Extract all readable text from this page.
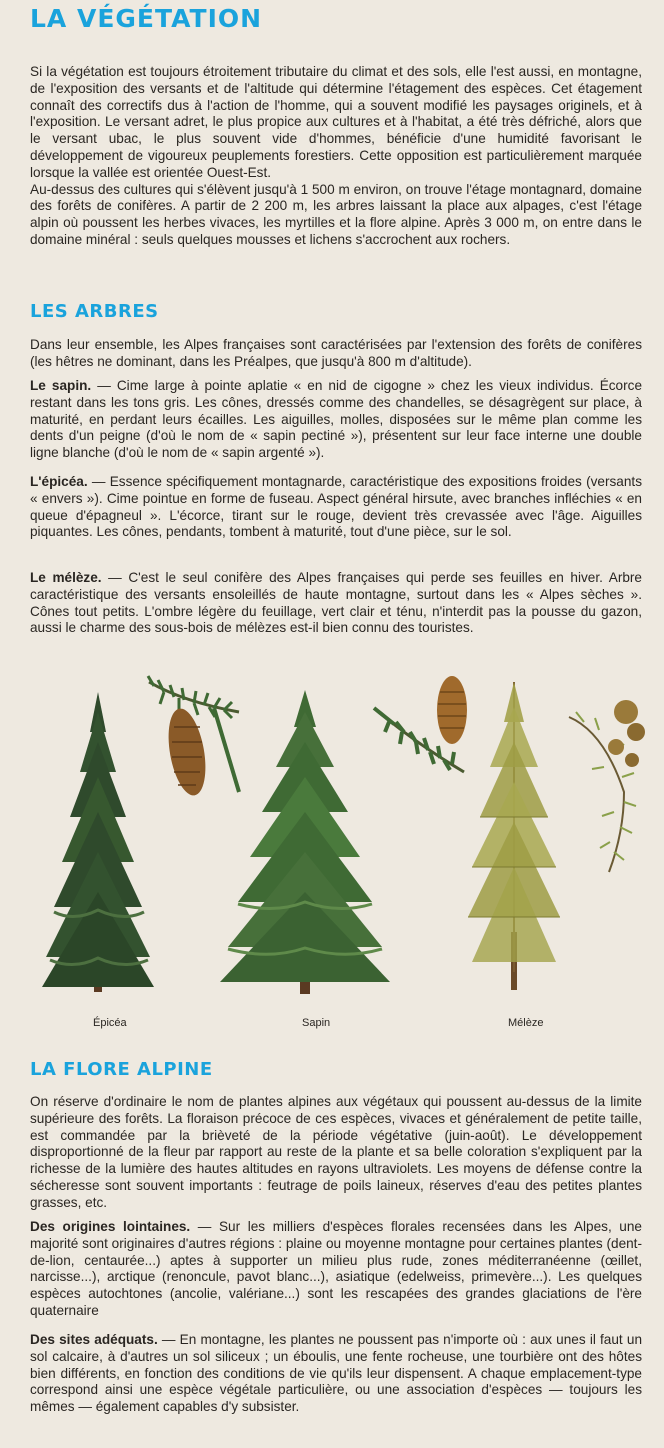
LA VÉGÉTATION

Si la végétation est toujours étroitement tributaire du climat et des sols, elle l'est aussi, en montagne, de l'exposition des versants et de l'altitude qui détermine l'étagement des espèces. Cet étagement connaît des correctifs dus à l'action de l'homme, qui a souvent modifié les paysages originels, et à l'exposition. Le versant adret, le plus propice aux cultures et à l'habitat, a été très défriché, alors que le versant ubac, le plus souvent vide d'hommes, bénéficie d'une humidité favorisant le développement de vigoureux peuplements forestiers. Cette opposition est particulièrement marquée lorsque la vallée est orientée Ouest-Est.
Au-dessus des cultures qui s'élèvent jusqu'à 1 500 m environ, on trouve l'étage montagnard, domaine des forêts de conifères. A partir de 2 200 m, les arbres laissant la place aux alpages, c'est l'étage alpin où poussent les herbes vivaces, les myrtilles et la flore alpine. Après 3 000 m, on entre dans le domaine minéral : seuls quelques mousses et lichens s'accrochent aux rochers.

LES ARBRES

Dans leur ensemble, les Alpes françaises sont caractérisées par l'extension des forêts de conifères (les hêtres ne dominant, dans les Préalpes, que jusqu'à 800 m d'altitude).

Le sapin. — Cime large à pointe aplatie « en nid de cigogne » chez les vieux individus. Écorce restant dans les tons gris. Les cônes, dressés comme des chandelles, se désagrègent sur place, à maturité, en perdant leurs écailles. Les aiguilles, molles, disposées sur le même plan comme les dents d'un peigne (d'où le nom de « sapin pectiné »), présentent sur leur face interne une double ligne blanche (d'où le nom de « sapin argenté »).

L'épicéa. — Essence spécifiquement montagnarde, caractéristique des expositions froides (versants « envers »). Cime pointue en forme de fuseau. Aspect général hirsute, avec branches infléchies « en queue d'épagneul ». L'écorce, tirant sur le rouge, devient très crevassée avec l'âge. Aiguilles piquantes. Les cônes, pendants, tombent à maturité, tout d'une pièce, sur le sol.

Le mélèze. — C'est le seul conifère des Alpes françaises qui perde ses feuilles en hiver. Arbre caractéristique des versants ensoleillés de haute montagne, surtout dans les « Alpes sèches ». Cônes tout petits. L'ombre légère du feuillage, vert clair et ténu, n'interdit pas la pousse du gazon, aussi le charme des sous-bois de mélèzes est-il bien connu des touristes.

Épicéa	Sapin	Mélèze
LA FLORE ALPINE

On réserve d'ordinaire le nom de plantes alpines aux végétaux qui poussent au-dessus de la limite supérieure des forêts. La floraison précoce de ces espèces, vivaces et généralement de petite taille, est commandée par la brièveté de la période végétative (juin-août). Le développement disproportionné de la fleur par rapport au reste de la plante et sa belle coloration s'expliquent par la richesse de la lumière des hautes altitudes en rayons ultraviolets. Les moyens de défense contre la sécheresse sont souvent importants : feutrage de poils laineux, réserves d'eau des petites plantes grasses, etc.

Des origines lointaines. — Sur les milliers d'espèces florales recensées dans les Alpes, une majorité sont originaires d'autres régions : plaine ou moyenne montagne pour certaines plantes (dent-de-lion, centaurée...) aptes à supporter un milieu plus rude, zones méditerranéenne (œillet, narcisse...), arctique (renoncule, pavot blanc...), asiatique (edelweiss, primevère...). Les quelques espèces autochtones (ancolie, valériane...) sont les rescapées des grandes glaciations de l'ère quaternaire

Des sites adéquats. — En montagne, les plantes ne poussent pas n'importe où : aux unes il faut un sol calcaire, à d'autres un sol siliceux ; un éboulis, une fente rocheuse, une tourbière ont des hôtes bien différents, en fonction des conditions de vie qu'ils leur dispensent. A chaque emplacement-type correspond ainsi une espèce végétale particulière, ou une association d'espèces — toujours les mêmes — également capables d'y subsister.
